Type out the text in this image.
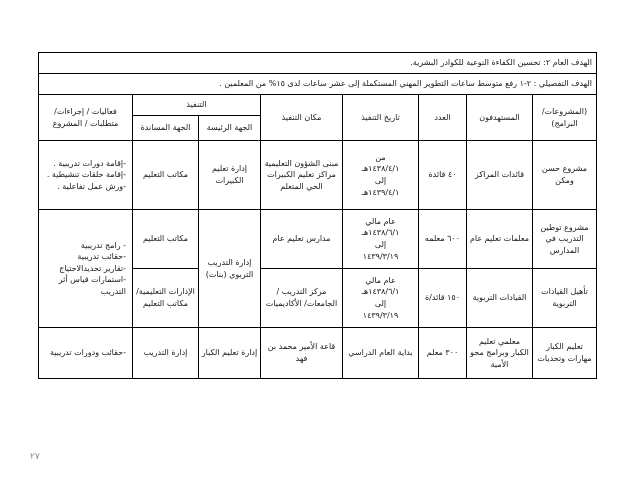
الهدف العام ٢: تحسين الكفاءة النوعية للكوادر البشرية.							
الهدف التفصيلي : ٢-١ رفع متوسط ساعات التطوير المهني المستكملة إلى عشر ساعات لدى ١٥% من المعلمين .							
(المشروعات/ البرامج)	المستهدفون	العدد	تاريخ التنفيذ	مكان التنفيذ	التنفيذ		فعاليات / إجراءات/متطلبات / المشروع
					الجهة الرئيسة	الجهة المساندة	
مشروع حسن ومكن	قائدات المراكز	٤٠ قائدة	من
١٤٣٨/٤/١هـ
إلى
١٤٣٩/٤/١هـ	مبنى الشؤون التعليمية
مراكز تعليم الكبيرات
الحي المتعلم	إدارة تعليم الكبيرات	مكاتب التعليم	-إقامة دورات تدريبية .
-إقامة حلقات تنشيطية .
-ورش عمل تفاعلية .

مشروع توطين التدريب في المدارس	معلمات تعليم عام	٦٠٠ معلمه	عام مالي
١٤٣٨/٦/١هـ
إلى
١٤٣٩/٣/١٩	مدارس تعليم عام	إدارة التدريب التربوي (بنات)	مكاتب التعليم	- رامج تدريبية
-حقائب تدريبية
-تقارير تحديدالاحتياج
-استمارات قياس أثر التدريب

تأهيل القيادات التربوية	القيادات التربوية	١٥٠ قائد/ة	عام مالي
١٤٣٨/٦/١هـ
إلى
١٤٣٩/٣/١٩	مركز التدريب /
الجامعات/ الأكاديميات		الإدارات التعليمية/مكاتب التعليم	
تعليم الكبار مهارات وتحديات	معلمي تعليم الكبار وبرامج محو الأمية	٣٠٠ معلم	بداية العام الدراسي	قاعة الأمير محمد بن فهد	إدارة تعليم الكبار	إدارة التدريب	-حقائب ودورات تدريبية
٢٧
